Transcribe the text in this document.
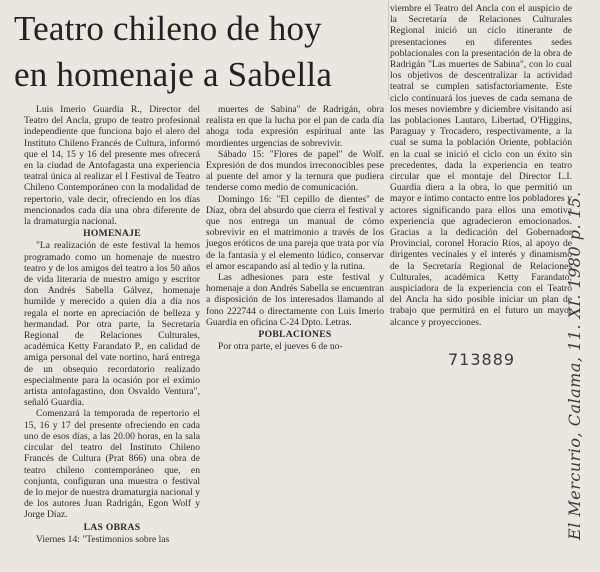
Teatro chileno de hoy
en homenaje a Sabella

Luis Imerio Guardia R., Director del Teatro del Ancla, grupo de teatro profesional independiente que funciona bajo el alero del Instituto Chileno Francés de Cultura, informó que el 14, 15 y 16 del presente mes ofrecerá en la ciudad de Antofagasta una experiencia teatral única al realizar el I Festival de Teatro Chileno Contemporáneo con la modalidad de repertorio, vale decir, ofreciendo en los días mencionados cada día una obra diferente de la dramaturgia nacional.

HOMENAJE

"La realización de este festival la hemos programado como un homenaje de nuestro teatro y de los amigos del teatro a los 50 años de vida literaria de nuestro amigo y escritor don Andrés Sabella Gálvez, homenaje humilde y merecido a quien día a día nos regala el norte en apreciación de belleza y hermandad. Por otra parte, la Secretaría Regional de Relaciones Culturales, académica Ketty Farandato P., en calidad de amiga personal del vate nortino, hará entrega de un obsequio recordatorio realizado especialmente para la ocasión por el eximio artista antofagastino, don Osvaldo Ventura", señaló Guardia.

Comenzará la temporada de repertorio el 15, 16 y 17 del presente ofreciendo en cada uno de esos días, a las 20.00 horas, en la sala circular del teatro del Instituto Chileno Francés de Cultura (Prat 866) una obra de teatro chileno contemporáneo que, en conjunta, configuran una muestra o festival de lo mejor de nuestra dramaturgia nacional y de los autores Juan Radrigán, Egon Wolf y Jorge Díaz.

LAS OBRAS

Viernes 14: "Testimonios sobre las

muertes de Sabina" de Radrigán, obra realista en que la lucha por el pan de cada día ahoga toda expresión espiritual ante las mordientes urgencias de sobrevivir.

Sábado 15: "Flores de papel" de Wolf. Expresión de dos mundos irreconocibles pese al puente del amor y la ternura que pudiera tenderse como medio de comunicación.

Domingo 16: "El cepillo de dientes" de Díaz, obra del absurdo que cierra el festival y que nos entrega un manual de cómo sobrevivir en el matrimonio a través de los juegos eróticos de una pareja que trata por vía de la fantasía y el elemento lúdico, conservar el amor escapando así al tedio y la rutina.

Las adhesiones para este festival y homenaje a don Andrés Sabella se encuentran a disposición de los interesados llamando al fono 222744 o directamente con Luis Imerio Guardia en oficina C-24 Dpto. Letras.

POBLACIONES

Por otra parte, el jueves 6 de no-

viembre el Teatro del Ancla con el auspicio de la Secretaría de Relaciones Culturales Regional inició un ciclo itinerante de presentaciones en diferentes sedes poblacionales con la presentación de la obra de Radrigán "Las muertes de Sabina", con lo cual los objetivos de descentralizar la actividad teatral se cumplen satisfactoriamente. Este ciclo continuará los jueves de cada semana de los meses noviembre y diciembre visitando así las poblaciones Lautaro, Libertad, O'Higgins, Paraguay y Trocadero, respectivamente, a la cual se suma la población Oriente, población en la cual se inició el ciclo con un éxito sin precedentes, dada la experiencia en teatro circular que el montaje del Director L.I. Guardia diera a la obra, lo que permitió un mayor e íntimo contacto entre los pobladores y actores significando para ellos una emotiva experiencia que agradecieron emocionados. Gracias a la dedicación del Gobernador Provincial, coronel Horacio Ríos, al apoyo de dirigentes vecinales y el interés y dinamismo de la Secretaría Regional de Relaciones Culturales, académica Ketty Farandato, auspiciadora de la experiencia con el Teatro del Ancla ha sido posible iniciar un plan de trabajo que permitirá en el futuro un mayor alcance y proyecciones.

713889	El Mercurio, Calama, 11. XI. 1980 p. 15.
